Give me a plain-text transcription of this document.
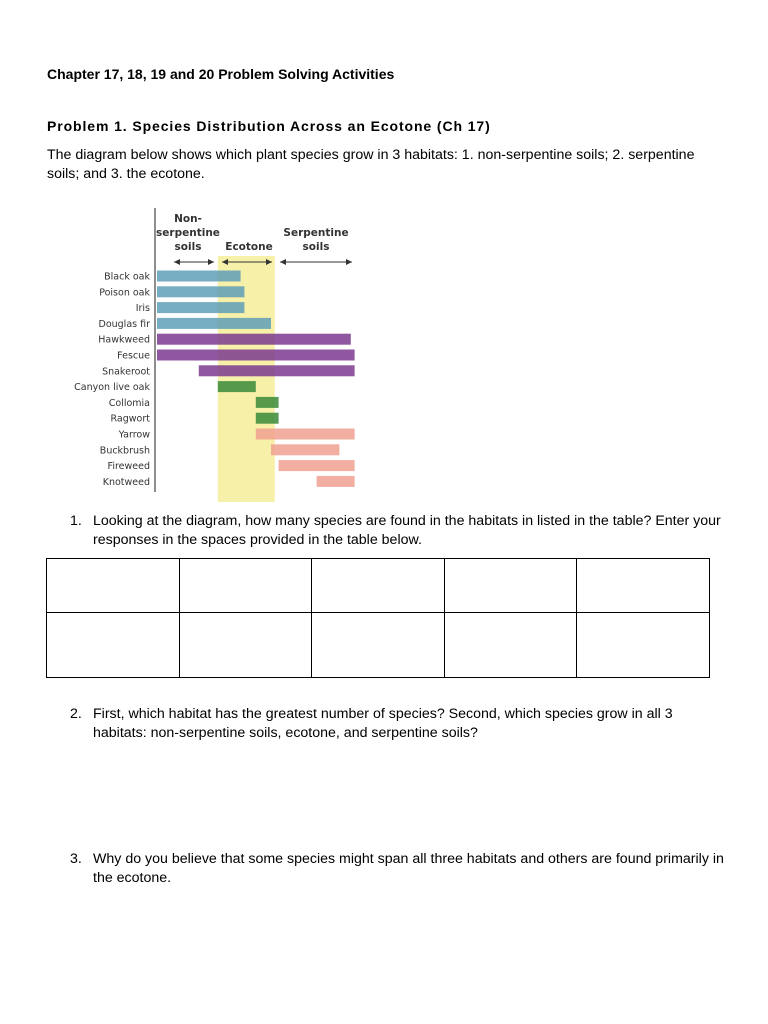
Chapter 17, 18, 19 and 20 Problem Solving Activities
Problem 1. Species Distribution Across an Ecotone (Ch 17)
The diagram below shows which plant species grow in 3 habitats: 1. non-serpentine soils; 2. serpentine soils; and 3. the ecotone.
Black oak
Poison oak
Iris
Douglas fir
Hawkweed
Fescue
Snakeroot
Canyon live oak
Collomia
Ragwort
Yarrow
Buckbrush
Fireweed
Knotweed
Non-
serpentine
soils Ecotone
Serpentine
soils
1. Looking at the diagram, how many species are found in the habitats in listed in the table? Enter your responses in the spaces provided in the table below.

2. First, which habitat has the greatest number of species? Second, which species grow in all 3 habitats: non-serpentine soils, ecotone, and serpentine soils?
3. Why do you believe that some species might span all three habitats and others are found primarily in the ecotone.
